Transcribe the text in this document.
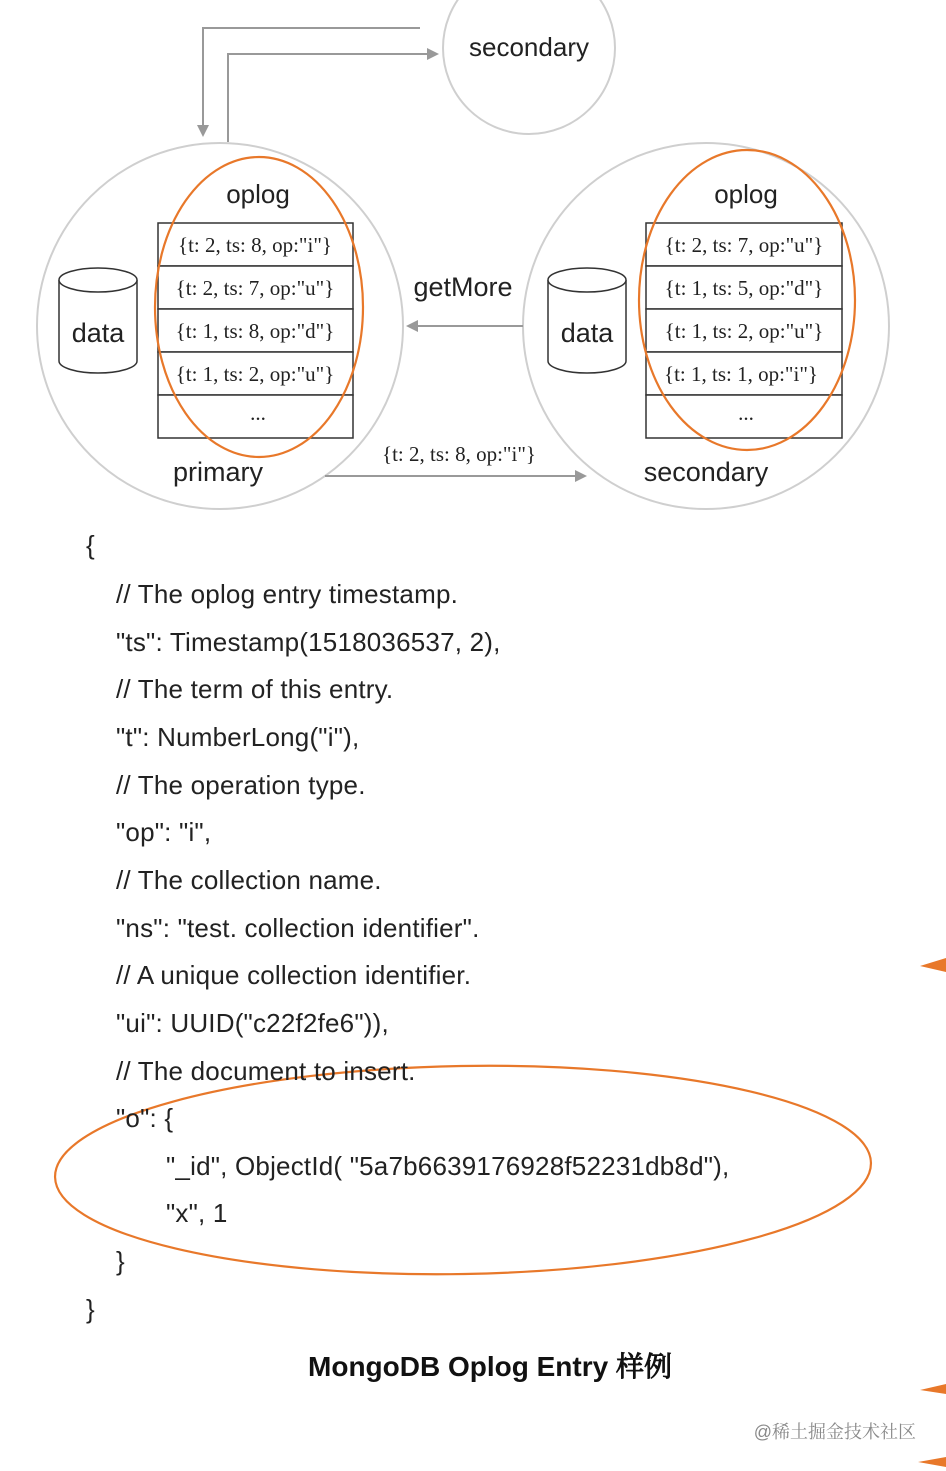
secondary
oplog
data
{t: 2, ts: 8, op:"i"}
{t: 2, ts: 7, op:"u"}
{t: 1, ts: 8, op:"d"}
{t: 1, ts: 2, op:"u"}
...
primary
oplog
data
{t: 2, ts: 7, op:"u"}
{t: 1, ts: 5, op:"d"}
{t: 1, ts: 2, op:"u"}
{t: 1, ts: 1, op:"i"}
...
secondary
getMore
{t: 2, ts: 8, op:"i"}
{
// The oplog entry timestamp.
"ts": Timestamp(1518036537, 2),
// The term of this entry.
"t": NumberLong("i"),
// The operation type.
"op": "i",
// The collection name.
"ns": "test. collection identifier".
// A unique collection identifier.
"ui": UUID("c22f2fe6")),
// The document to insert.
"o": {
"_id", ObjectId( "5a7b6639176928f52231db8d"),
"x", 1
}
}
MongoDB Oplog Entry 样例
@稀土掘金技术社区
